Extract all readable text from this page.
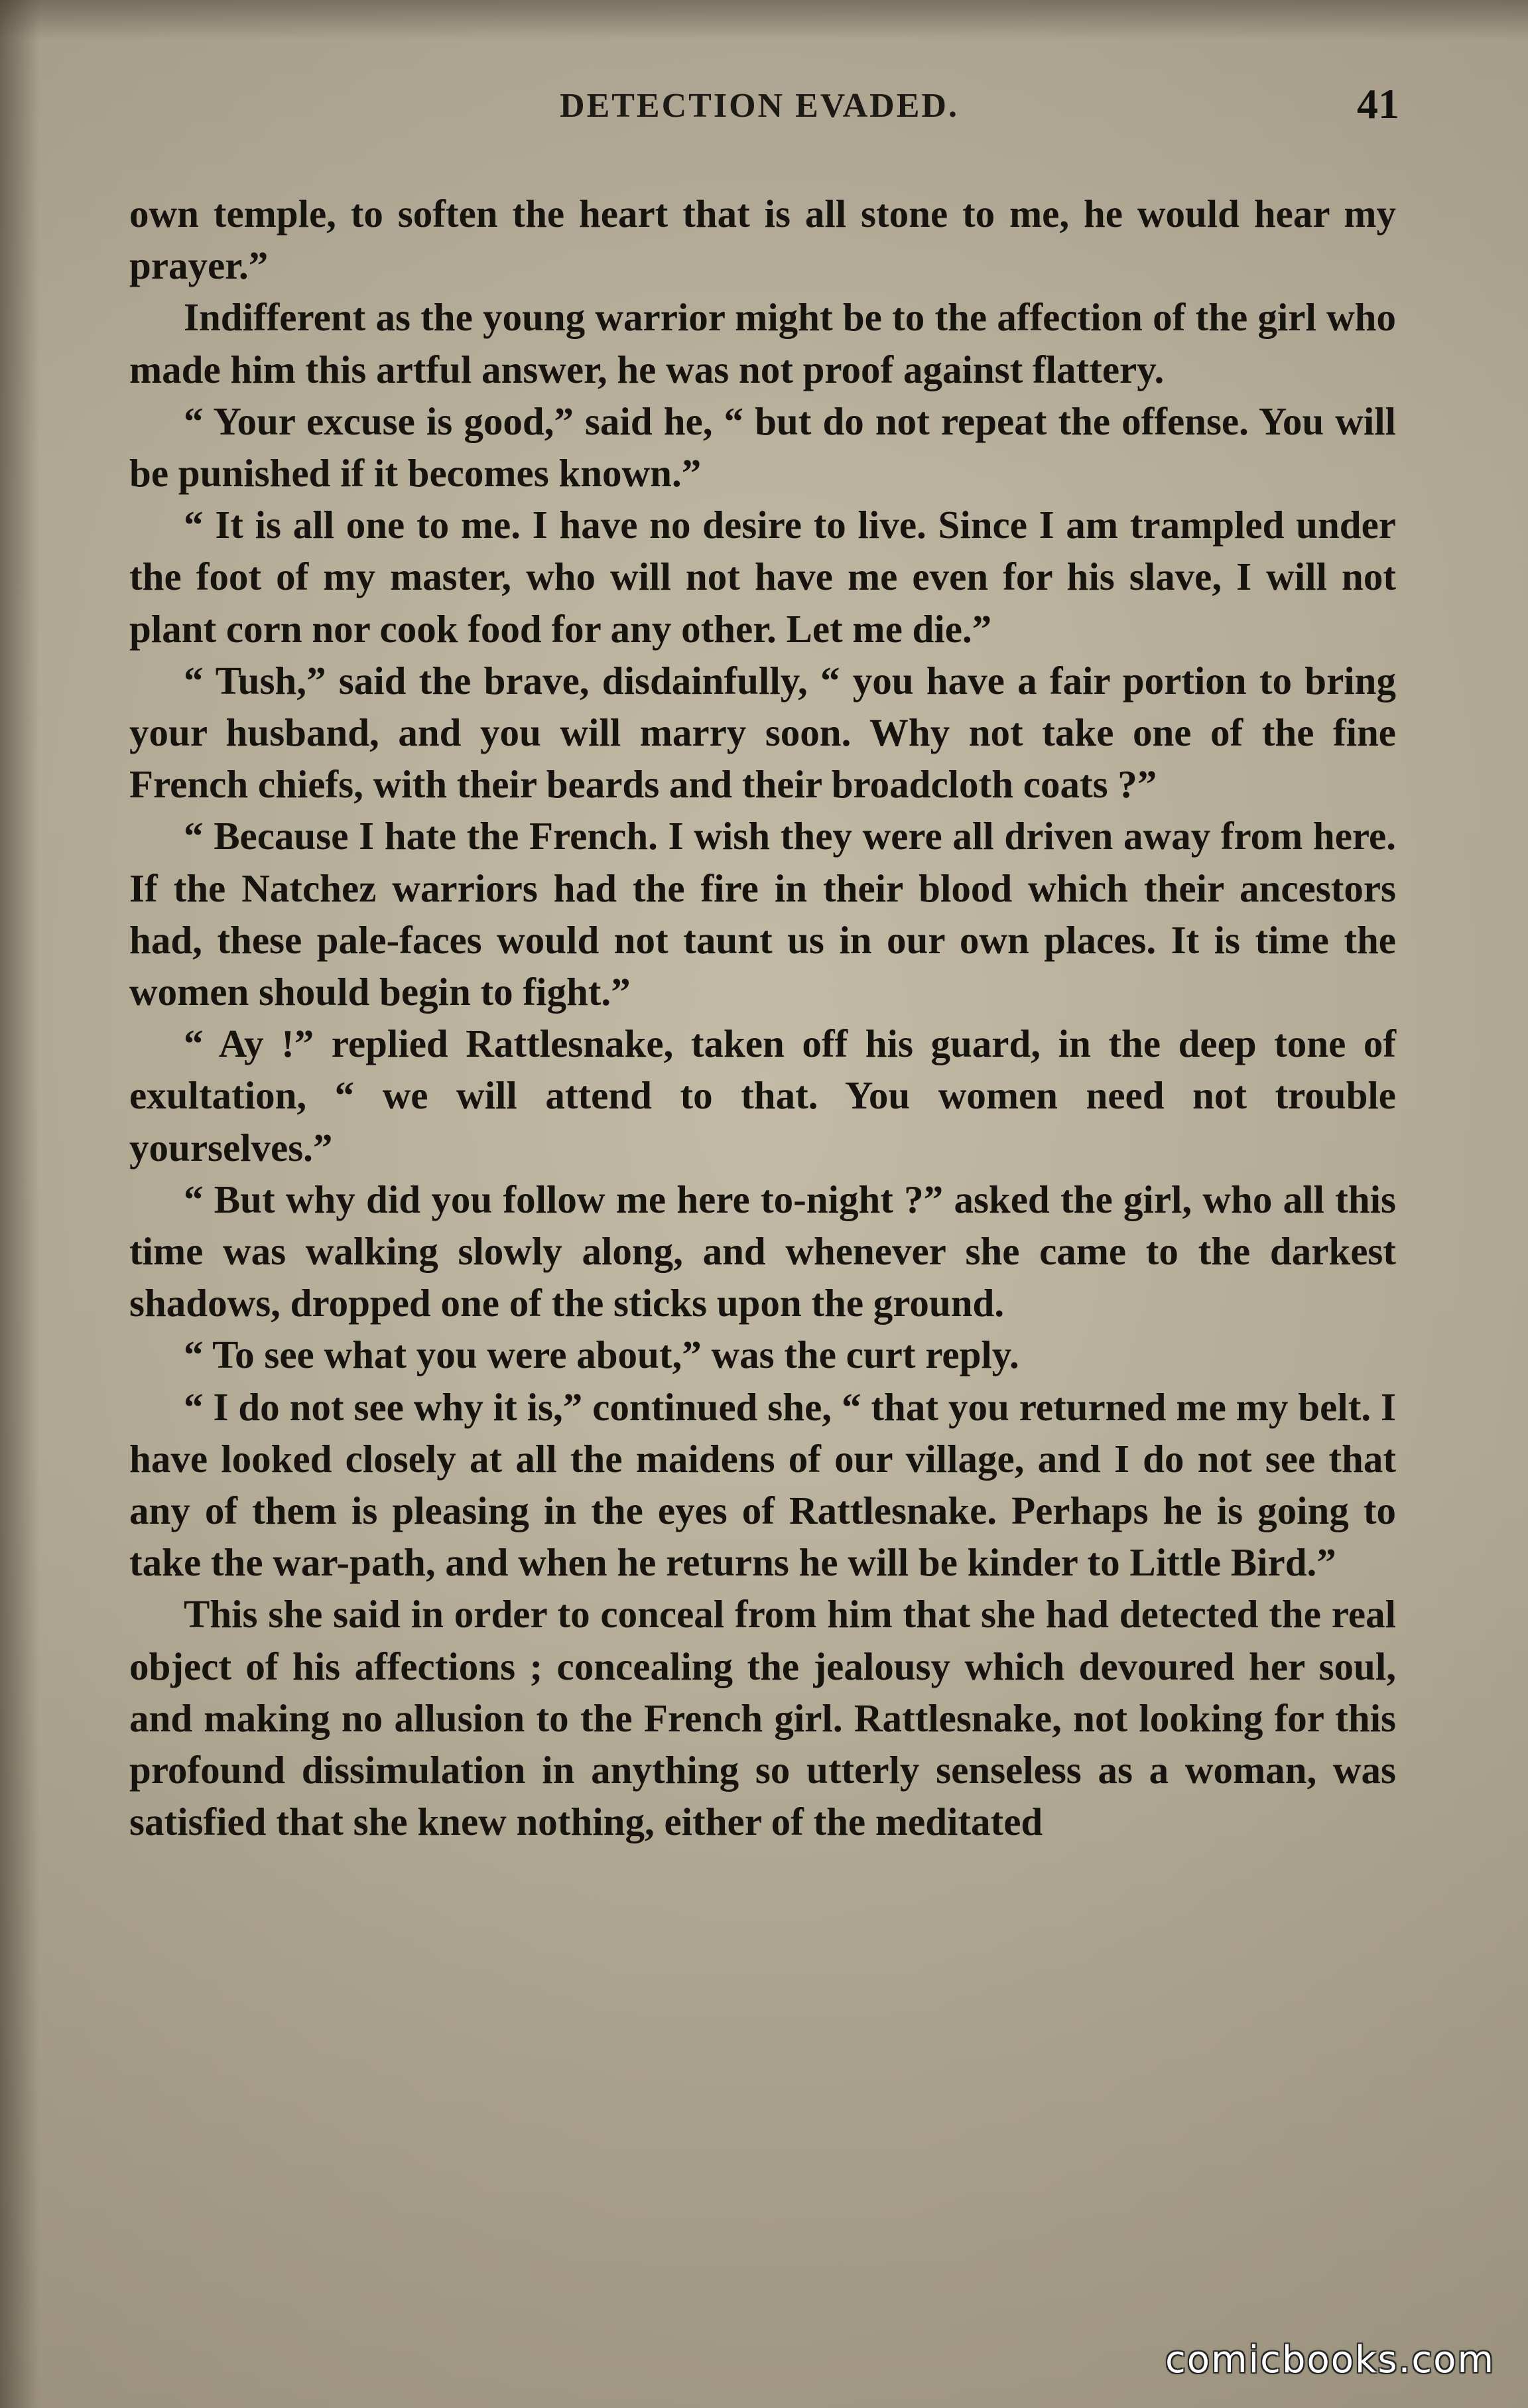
DETECTION EVADED.	41

own temple, to soften the heart that is all stone to me, he would hear my prayer.”

Indifferent as the young warrior might be to the affection of the girl who made him this artful answer, he was not proof against flattery.

“ Your excuse is good,” said he, “ but do not repeat the offense. You will be punished if it becomes known.”

“ It is all one to me. I have no desire to live. Since I am trampled under the foot of my master, who will not have me even for his slave, I will not plant corn nor cook food for any other. Let me die.”

“ Tush,” said the brave, disdainfully, “ you have a fair portion to bring your husband, and you will marry soon. Why not take one of the fine French chiefs, with their beards and their broadcloth coats ?”

“ Because I hate the French. I wish they were all driven away from here. If the Natchez warriors had the fire in their blood which their ancestors had, these pale-faces would not taunt us in our own places. It is time the women should begin to fight.”

“ Ay !” replied Rattlesnake, taken off his guard, in the deep tone of exultation, “ we will attend to that. You women need not trouble yourselves.”

“ But why did you follow me here to-night ?” asked the girl, who all this time was walking slowly along, and whenever she came to the darkest shadows, dropped one of the sticks upon the ground.

“ To see what you were about,” was the curt reply.

“ I do not see why it is,” continued she, “ that you returned me my belt. I have looked closely at all the maidens of our village, and I do not see that any of them is pleasing in the eyes of Rattlesnake. Perhaps he is going to take the war-path, and when he returns he will be kinder to Little Bird.”

This she said in order to conceal from him that she had detected the real object of his affections ; concealing the jealousy which devoured her soul, and making no allusion to the French girl. Rattlesnake, not looking for this profound dissimulation in anything so utterly senseless as a woman, was satisfied that she knew nothing, either of the meditated

comicbooks.com
